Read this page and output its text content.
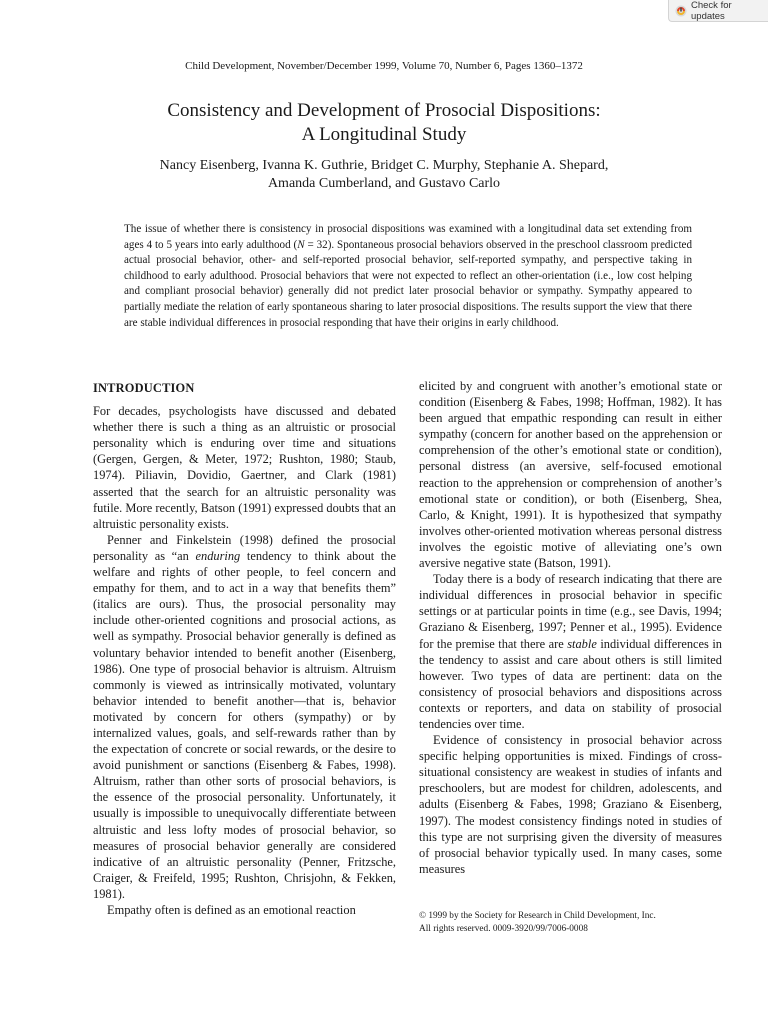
Check for updates
Child Development, November/December 1999, Volume 70, Number 6, Pages 1360–1372
Consistency and Development of Prosocial Dispositions:
A Longitudinal Study
Nancy Eisenberg, Ivanna K. Guthrie, Bridget C. Murphy, Stephanie A. Shepard,
Amanda Cumberland, and Gustavo Carlo
The issue of whether there is consistency in prosocial dispositions was examined with a longitudinal data set extending from ages 4 to 5 years into early adulthood (N = 32). Spontaneous prosocial behaviors observed in the preschool classroom predicted actual prosocial behavior, other- and self-reported prosocial behavior, self-reported sympathy, and perspective taking in childhood to early adulthood. Prosocial behaviors that were not expected to reflect an other-orientation (i.e., low cost helping and compliant prosocial behavior) generally did not predict later prosocial behavior or sympathy. Sympathy appeared to partially mediate the relation of early spontaneous sharing to later prosocial dispositions. The results support the view that there are stable individual differences in prosocial responding that have their origins in early childhood.
INTRODUCTION

For decades, psychologists have discussed and debated whether there is such a thing as an altruistic or prosocial personality which is enduring over time and situations (Gergen, Gergen, & Meter, 1972; Rushton, 1980; Staub, 1974). Piliavin, Dovidio, Gaertner, and Clark (1981) asserted that the search for an altruistic personality was futile. More recently, Batson (1991) expressed doubts that an altruistic personality exists.

Penner and Finkelstein (1998) defined the prosocial personality as “an enduring tendency to think about the welfare and rights of other people, to feel concern and empathy for them, and to act in a way that benefits them” (italics are ours). Thus, the prosocial personality may include other-oriented cognitions and prosocial actions, as well as sympathy. Prosocial behavior generally is defined as voluntary behavior intended to benefit another (Eisenberg, 1986). One type of prosocial behavior is altruism. Altruism commonly is viewed as intrinsically motivated, voluntary behavior intended to benefit another—that is, behavior motivated by concern for others (sympathy) or by internalized values, goals, and self-rewards rather than by the expectation of concrete or social rewards, or the desire to avoid punishment or sanctions (Eisenberg & Fabes, 1998). Altruism, rather than other sorts of prosocial behaviors, is the essence of the prosocial personality. Unfortunately, it usually is impossible to unequivocally differentiate between altruistic and less lofty modes of prosocial behavior, so measures of prosocial behavior generally are considered indicative of an altruistic personality (Penner, Fritzsche, Craiger, & Freifeld, 1995; Rushton, Chrisjohn, & Fekken, 1981).

Empathy often is defined as an emotional reaction

elicited by and congruent with another’s emotional state or condition (Eisenberg & Fabes, 1998; Hoffman, 1982). It has been argued that empathic responding can result in either sympathy (concern for another based on the apprehension or comprehension of the other’s emotional state or condition), personal distress (an aversive, self-focused emotional reaction to the apprehension or comprehension of another’s emotional state or condition), or both (Eisenberg, Shea, Carlo, & Knight, 1991). It is hypothesized that sympathy involves other-oriented motivation whereas personal distress involves the egoistic motive of alleviating one’s own aversive negative state (Batson, 1991).

Today there is a body of research indicating that there are individual differences in prosocial behavior in specific settings or at particular points in time (e.g., see Davis, 1994; Graziano & Eisenberg, 1997; Penner et al., 1995). Evidence for the premise that there are stable individual differences in the tendency to assist and care about others is still limited however. Two types of data are pertinent: data on the consistency of prosocial behaviors and dispositions across contexts or reporters, and data on stability of prosocial tendencies over time.

Evidence of consistency in prosocial behavior across specific helping opportunities is mixed. Findings of cross-situational consistency are weakest in studies of infants and preschoolers, but are modest for children, adolescents, and adults (Eisenberg & Fabes, 1998; Graziano & Eisenberg, 1997). The modest consistency findings noted in studies of this type are not surprising given the diversity of measures of prosocial behavior typically used. In many cases, some measures

© 1999 by the Society for Research in Child Development, Inc.
All rights reserved. 0009-3920/99/7006-0008
